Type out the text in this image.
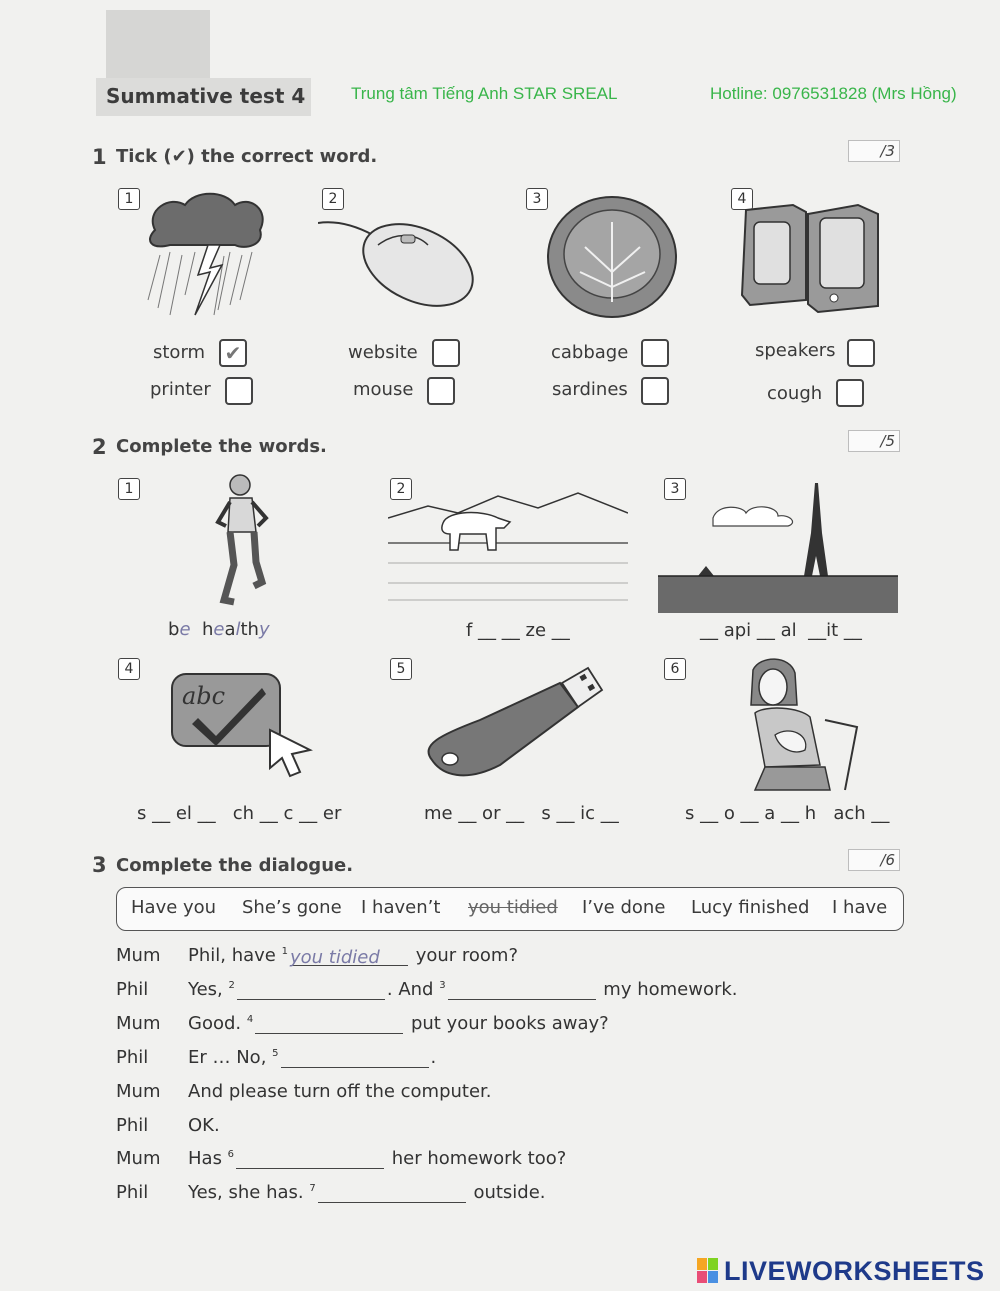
Summative test 4	Trung tâm Tiếng Anh STAR SREAL	Hotline: 0976531828 (Mrs Hồng)
1 Tick (✔) the correct word.	/3
1	2	3	4
storm ✔
printer
website
mouse
cabbage
sardines
speakers
cough
2 Complete the words.	/5
1	2	3
4	5	6
abc
be  healthy	f __ __ ze __	__ api __ al  __it __
s __ el __   ch __ c __ er	me __ or __   s __ ic __	s __ o __ a __ h   ach __
3 Complete the dialogue.	/6
Have you She’s gone I haven’t you tidied I’ve done Lucy finished I have
Mum Phil, have $^1$ you tidied your room?
Phil Yes, $^2$	. And $^3$	my homework.
Mum Good. $^4$	put your books away?
Phil Er … No, $^5$	.
Mum And please turn off the computer.
Phil OK.
Mum Has $^6$	her homework too?
Phil Yes, she has. $^7$	outside.
LIVEWORKSHEETS
